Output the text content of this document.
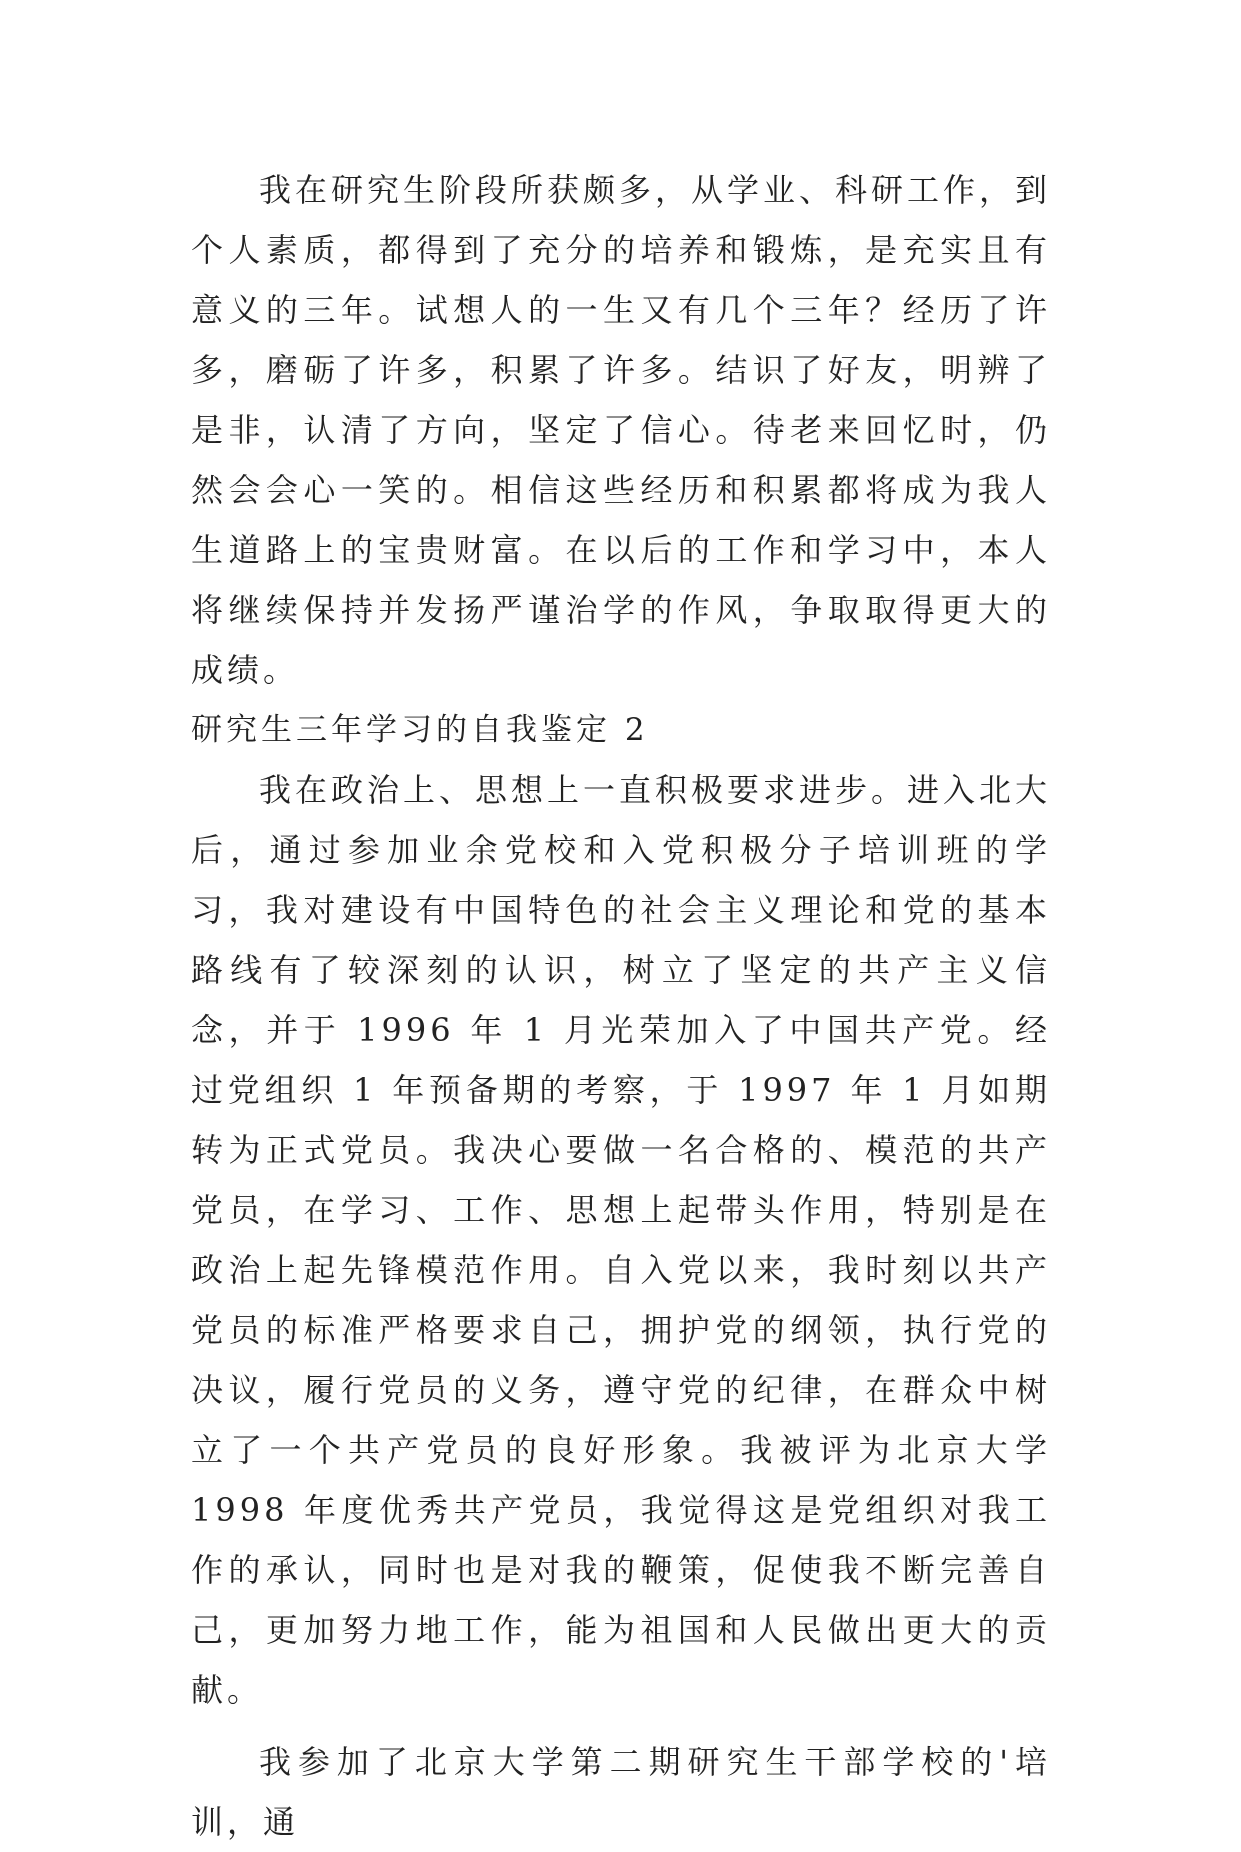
我在研究生阶段所获颇多，从学业、科研工作，到个人素质，都得到了充分的培养和锻炼，是充实且有意义的三年。试想人的一生又有几个三年？经历了许多，磨砺了许多，积累了许多。结识了好友，明辨了是非，认清了方向，坚定了信心。待老来回忆时，仍然会会心一笑的。相信这些经历和积累都将成为我人生道路上的宝贵财富。在以后的工作和学习中，本人将继续保持并发扬严谨治学的作风，争取取得更大的成绩。

研究生三年学习的自我鉴定 2

我在政治上、思想上一直积极要求进步。进入北大后，通过参加业余党校和入党积极分子培训班的学习，我对建设有中国特色的社会主义理论和党的基本路线有了较深刻的认识，树立了坚定的共产主义信念，并于 1996 年 1 月光荣加入了中国共产党。经过党组织 1 年预备期的考察，于 1997 年 1 月如期转为正式党员。我决心要做一名合格的、模范的共产党员，在学习、工作、思想上起带头作用，特别是在政治上起先锋模范作用。自入党以来，我时刻以共产党员的标准严格要求自己，拥护党的纲领，执行党的决议，履行党员的义务，遵守党的纪律，在群众中树立了一个共产党员的良好形象。我被评为北京大学 1998 年度优秀共产党员，我觉得这是党组织对我工作的承认，同时也是对我的鞭策，促使我不断完善自己，更加努力地工作，能为祖国和人民做出更大的贡献。

我参加了北京大学第二期研究生干部学校的'培训，通
